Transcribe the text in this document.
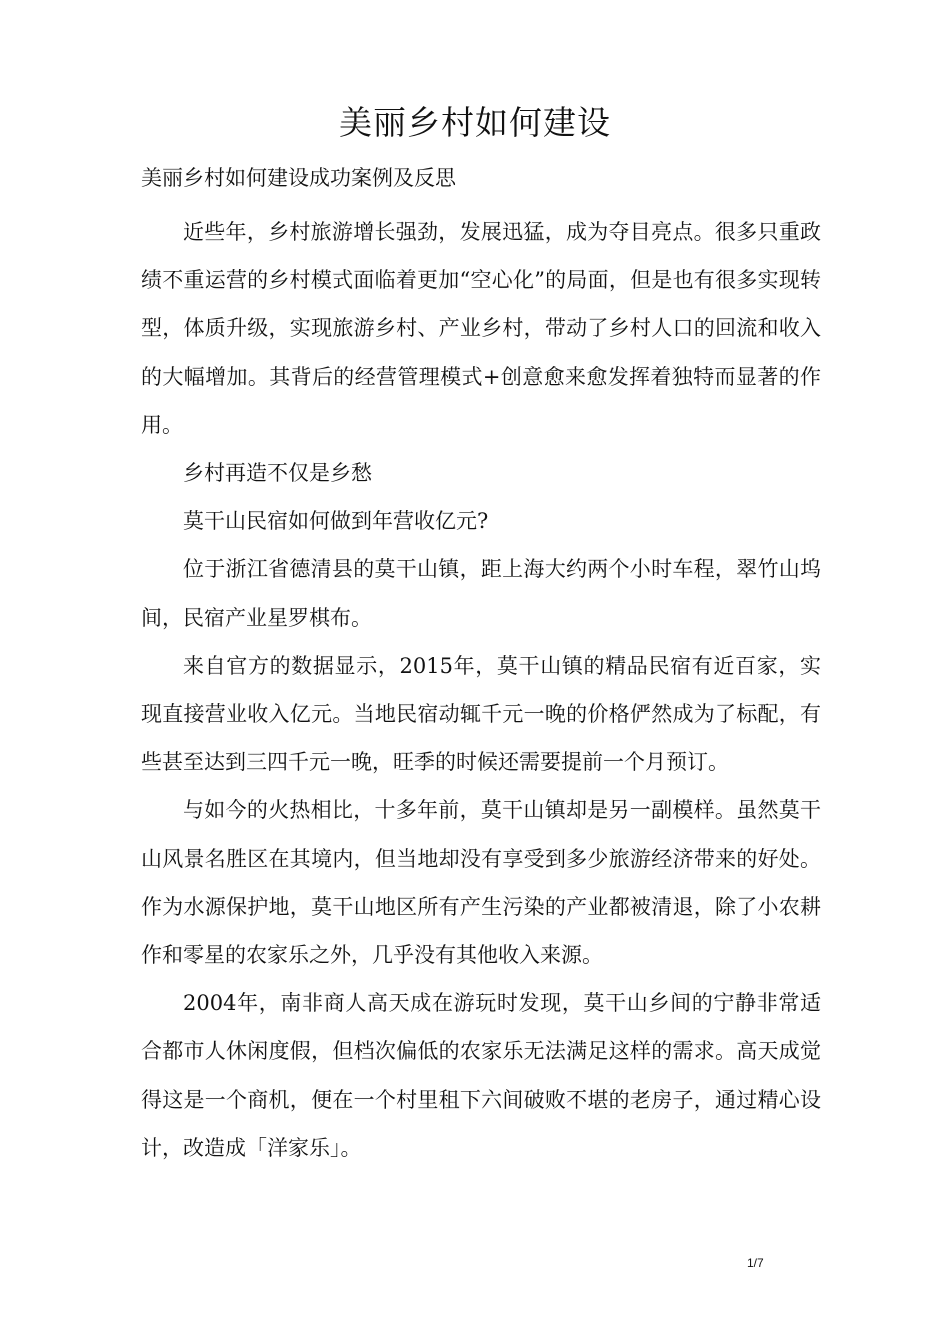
美丽乡村如何建设
美丽乡村如何建设成功案例及反思

近些年，乡村旅游增长强劲，发展迅猛，成为夺目亮点。很多只重政绩不重运营的乡村模式面临着更加“空心化”的局面，但是也有很多实现转型，体质升级，实现旅游乡村、产业乡村，带动了乡村人口的回流和收入的大幅增加。其背后的经营管理模式+创意愈来愈发挥着独特而显著的作用。

乡村再造不仅是乡愁

莫干山民宿如何做到年营收亿元?

位于浙江省德清县的莫干山镇，距上海大约两个小时车程，翠竹山坞间，民宿产业星罗棋布。

来自官方的数据显示，2015年，莫干山镇的精品民宿有近百家，实现直接营业收入亿元。当地民宿动辄千元一晚的价格俨然成为了标配，有些甚至达到三四千元一晚，旺季的时候还需要提前一个月预订。

与如今的火热相比，十多年前，莫干山镇却是另一副模样。虽然莫干山风景名胜区在其境内，但当地却没有享受到多少旅游经济带来的好处。作为水源保护地，莫干山地区所有产生污染的产业都被清退，除了小农耕作和零星的农家乐之外，几乎没有其他收入来源。

2004年，南非商人高天成在游玩时发现，莫干山乡间的宁静非常适合都市人休闲度假，但档次偏低的农家乐无法满足这样的需求。高天成觉得这是一个商机，便在一个村里租下六间破败不堪的老房子，通过精心设计，改造成「洋家乐」。

1/7
